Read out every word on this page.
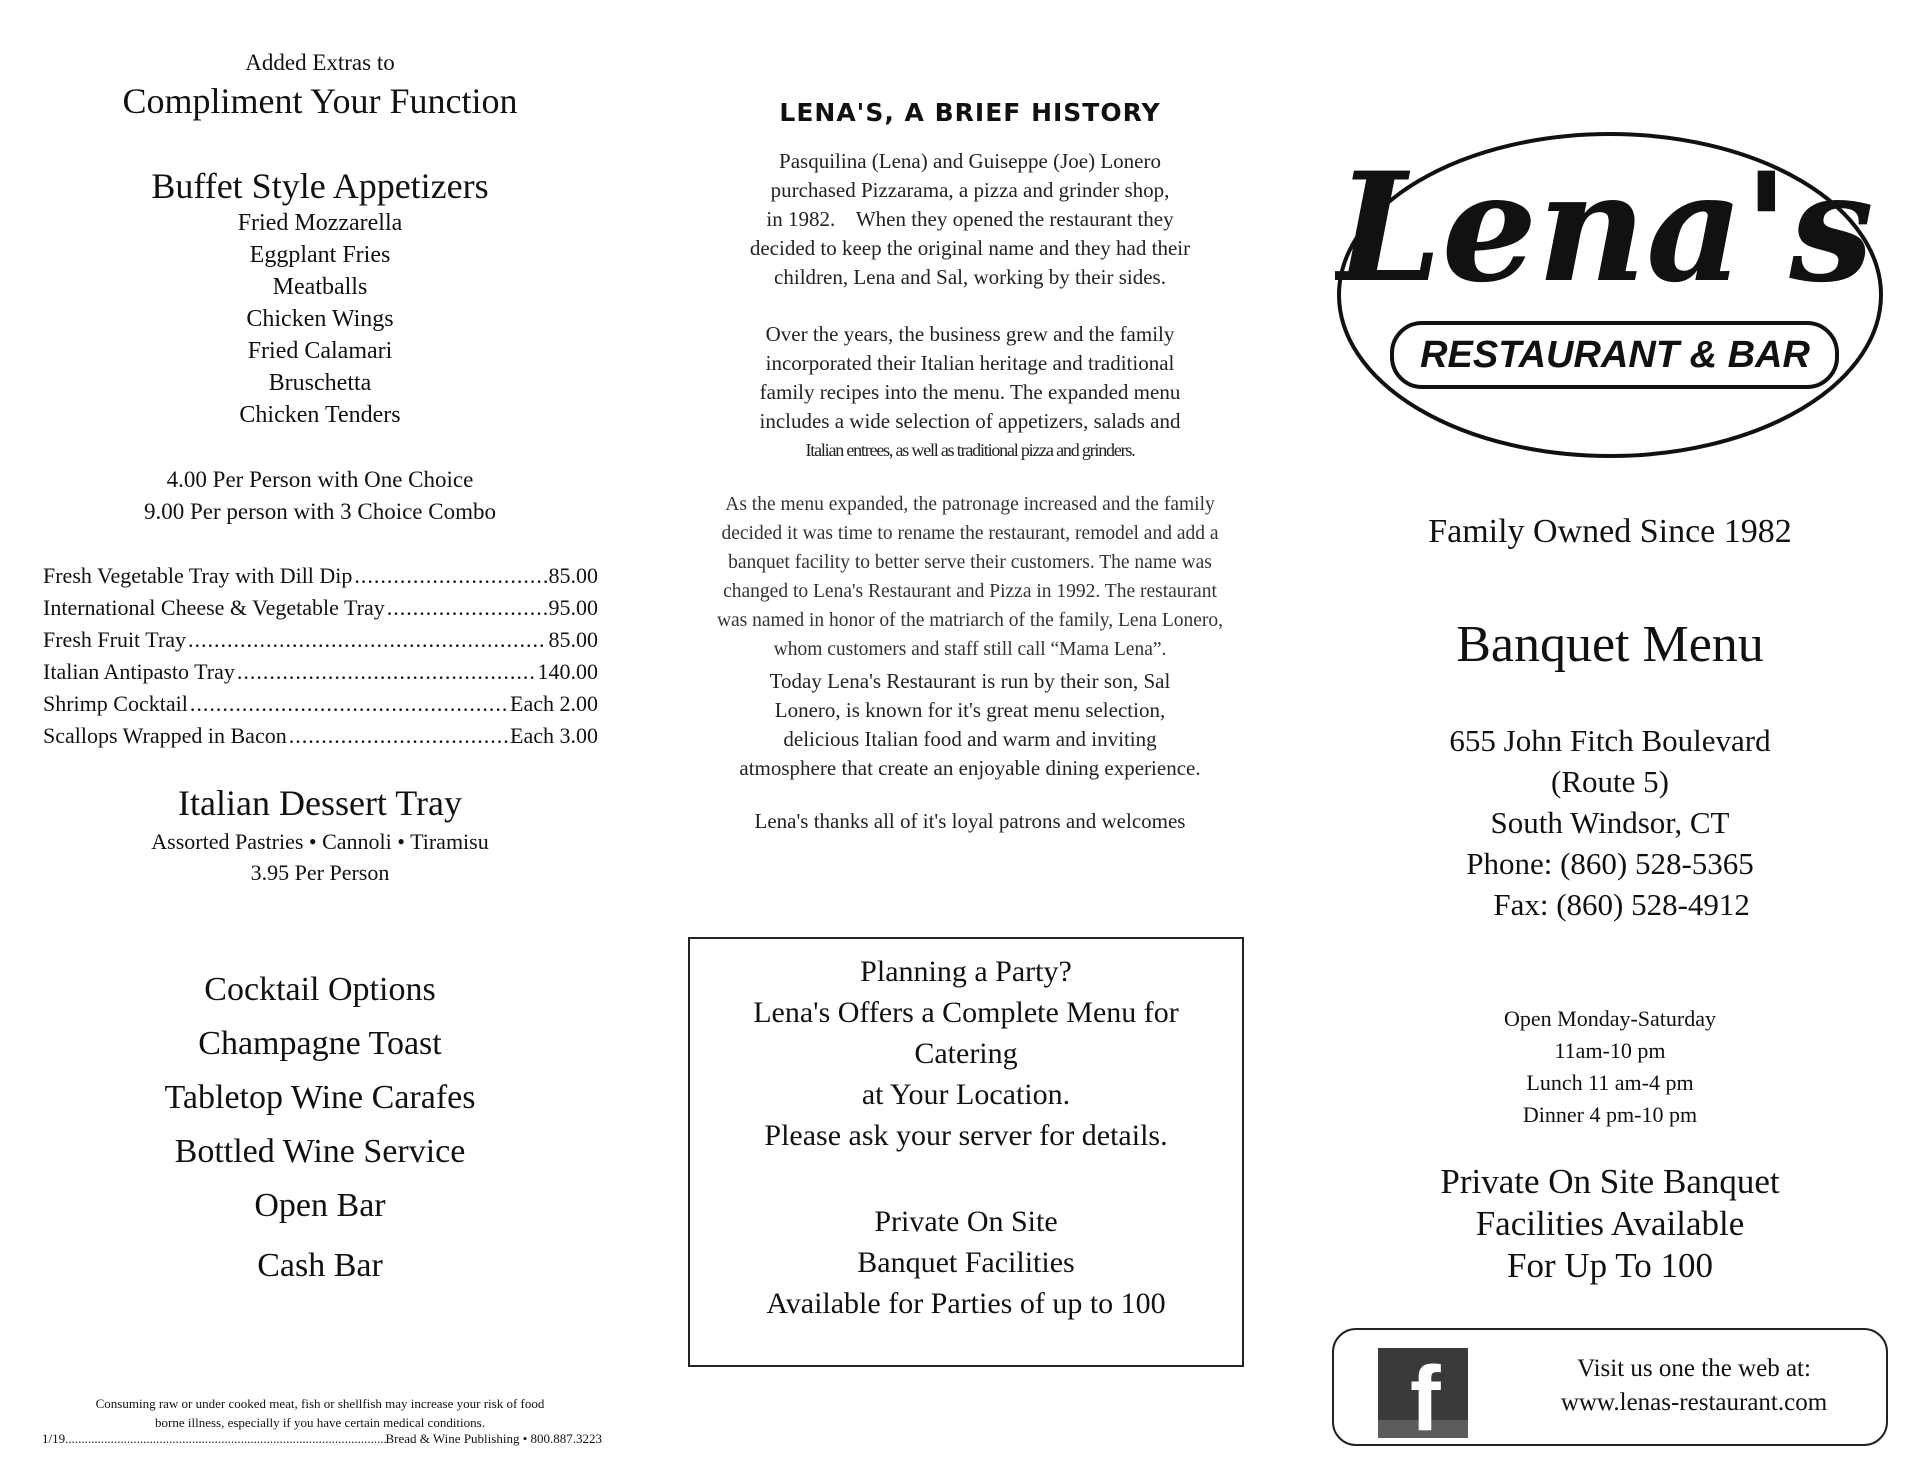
Added Extras to
Compliment Your Function
Buffet Style Appetizers
Fried Mozzarella
Eggplant Fries
Meatballs
Chicken Wings
Fried Calamari
Bruschetta
Chicken Tenders
4.00 Per Person with One Choice
9.00 Per person with 3 Choice Combo
Fresh Vegetable Tray with Dill Dip .....	85.00
International Cheese & Vegetable Tray .....	95.00
Fresh Fruit Tray .....	85.00
Italian Antipasto Tray .....	140.00
Shrimp Cocktail .....	Each 2.00
Scallops Wrapped in Bacon .....	Each 3.00
Italian Dessert Tray
Assorted Pastries • Cannoli • Tiramisu
3.95 Per Person
Cocktail Options
Champagne Toast
Tabletop Wine Carafes
Bottled Wine Service
Open Bar
Cash Bar
Consuming raw or under cooked meat, fish or shellfish may increase your risk of food
borne illness, especially if you have certain medical conditions.
1/19 .....	Bread & Wine Publishing • 800.887.3223
LENA'S, A BRIEF HISTORY
Pasquilina (Lena) and Guiseppe (Joe) Lonero
purchased Pizzarama, a pizza and grinder shop,
in 1982.    When they opened the restaurant they
decided to keep the original name and they had their
children, Lena and Sal, working by their sides.
Over the years, the business grew and the family
incorporated their Italian heritage and traditional
family recipes into the menu. The expanded menu
includes a wide selection of appetizers, salads and
Italian entrees, as well as traditional pizza and grinders.
As the menu expanded, the patronage increased and the family
decided it was time to rename the restaurant, remodel and add a
banquet facility to better serve their customers. The name was
changed to Lena's Restaurant and Pizza in 1992. The restaurant
was named in honor of the matriarch of the family, Lena Lonero,
whom customers and staff still call “Mama Lena”.
Today Lena's Restaurant is run by their son, Sal
Lonero, is known for it's great menu selection,
delicious Italian food and warm and inviting
atmosphere that create an enjoyable dining experience.
Lena's thanks all of it's loyal patrons and welcomes
Planning a Party?
Lena's Offers a Complete Menu for
Catering
at Your Location.
Please ask your server for details.
Private On Site
Banquet Facilities
Available for Parties of up to 100
Lena's
RESTAURANT & BAR
Family Owned Since 1982
Banquet Menu
655 John Fitch Boulevard
(Route 5)
South Windsor, CT
Phone: (860) 528-5365
Fax: (860) 528-4912
Open Monday-Saturday
11am-10 pm
Lunch 11 am-4 pm
Dinner 4 pm-10 pm
Private On Site Banquet
Facilities Available
For Up To 100
f	Visit us one the web at:
www.lenas-restaurant.com
